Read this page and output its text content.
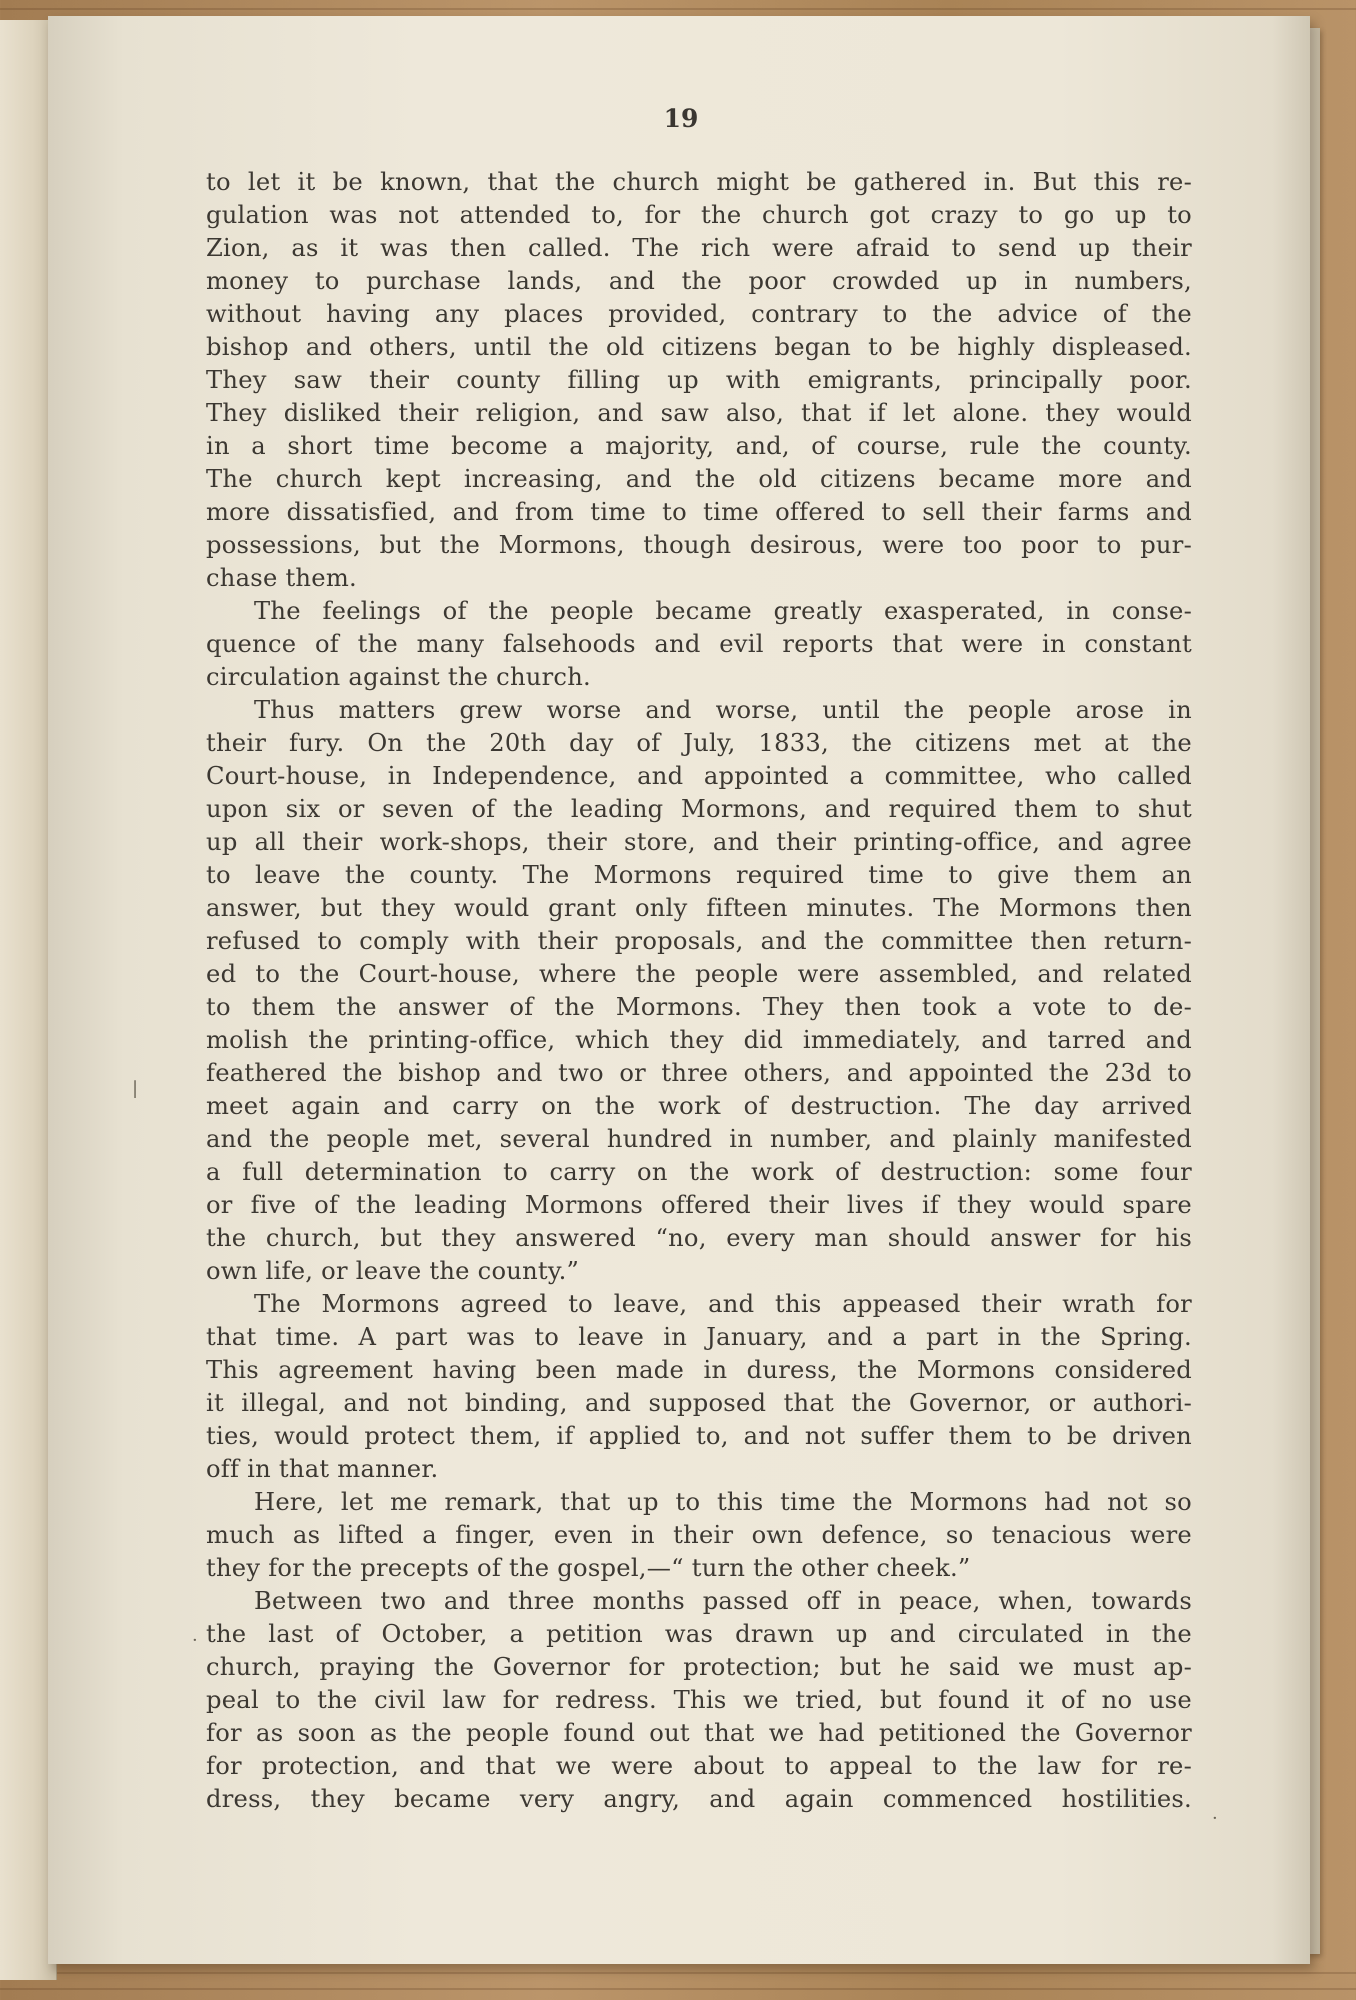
19
to let it be known, that the church might be gathered in. But this re-
gulation was not attended to, for the church got crazy to go up to
Zion, as it was then called. The rich were afraid to send up their
money to purchase lands, and the poor crowded up in numbers,
without having any places provided, contrary to the advice of the
bishop and others, until the old citizens began to be highly displeased.
They saw their county filling up with emigrants, principally poor.
They disliked their religion, and saw also, that if let alone. they would
in a short time become a majority, and, of course, rule the county.
The church kept increasing, and the old citizens became more and
more dissatisfied, and from time to time offered to sell their farms and
possessions, but the Mormons, though desirous, were too poor to pur-
chase them.
The feelings of the people became greatly exasperated, in conse-
quence of the many falsehoods and evil reports that were in constant
circulation against the church.
Thus matters grew worse and worse, until the people arose in
their fury. On the 20th day of July, 1833, the citizens met at the
Court-house, in Independence, and appointed a committee, who called
upon six or seven of the leading Mormons, and required them to shut
up all their work-shops, their store, and their printing-office, and agree
to leave the county. The Mormons required time to give them an
answer, but they would grant only fifteen minutes. The Mormons then
refused to comply with their proposals, and the committee then return-
ed to the Court-house, where the people were assembled, and related
to them the answer of the Mormons. They then took a vote to de-
molish the printing-office, which they did immediately, and tarred and
feathered the bishop and two or three others, and appointed the 23d to
meet again and carry on the work of destruction. The day arrived
and the people met, several hundred in number, and plainly manifested
a full determination to carry on the work of destruction: some four
or five of the leading Mormons offered their lives if they would spare
the church, but they answered “no, every man should answer for his
own life, or leave the county.”
The Mormons agreed to leave, and this appeased their wrath for
that time. A part was to leave in January, and a part in the Spring.
This agreement having been made in duress, the Mormons considered
it illegal, and not binding, and supposed that the Governor, or authori-
ties, would protect them, if applied to, and not suffer them to be driven
off in that manner.
Here, let me remark, that up to this time the Mormons had not so
much as lifted a finger, even in their own defence, so tenacious were
they for the precepts of the gospel,—“ turn the other cheek.”
Between two and three months passed off in peace, when, towards
the last of October, a petition was drawn up and circulated in the
church, praying the Governor for protection; but he said we must ap-
peal to the civil law for redress. This we tried, but found it of no use
for as soon as the people found out that we had petitioned the Governor
for protection, and that we were about to appeal to the law for re-
dress, they became very angry, and again commenced hostilities.
|
·
·
